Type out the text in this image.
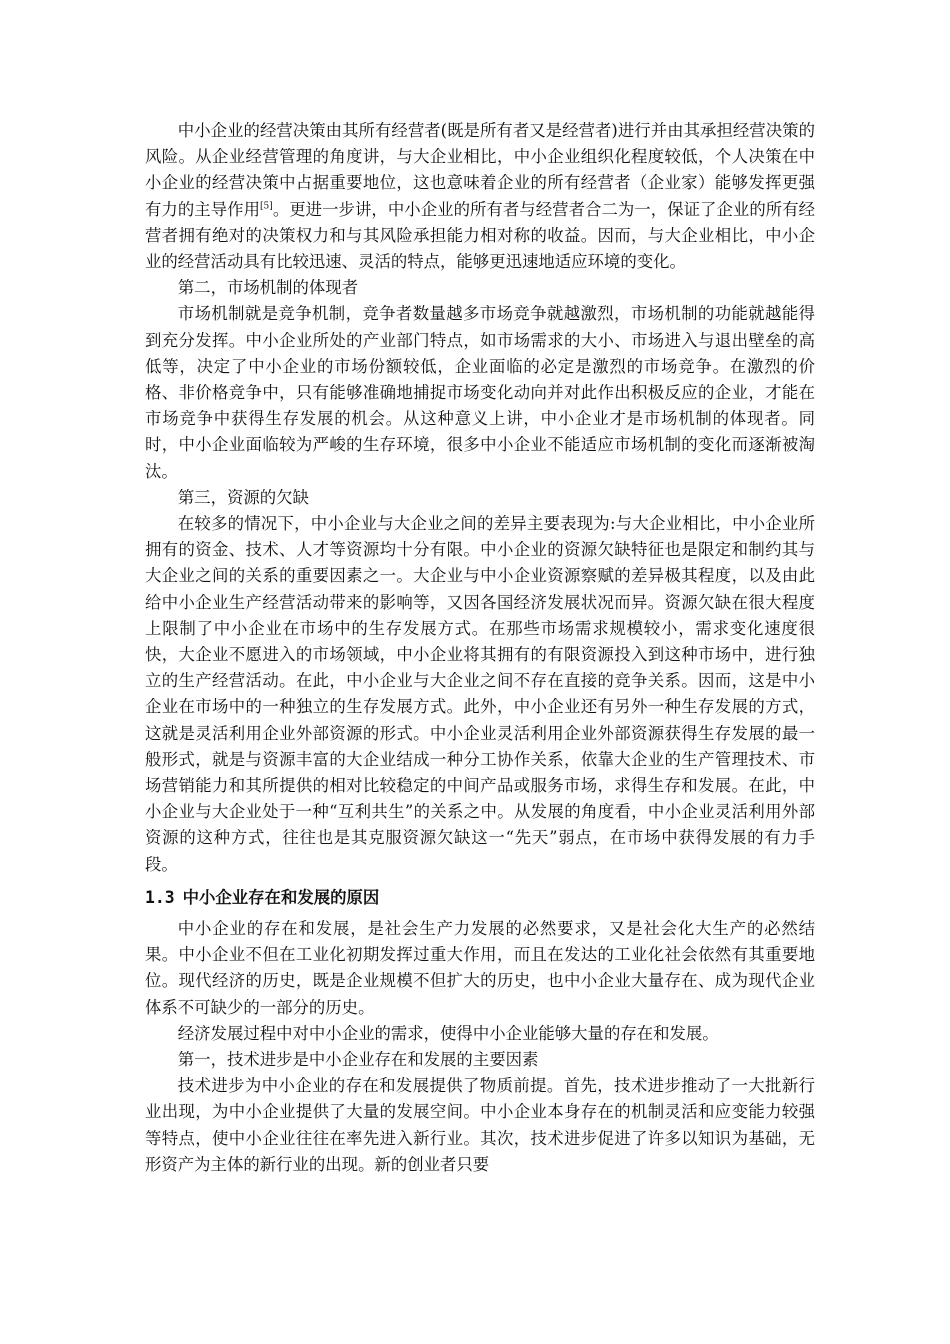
中小企业的经营决策由其所有经营者(既是所有者又是经营者)进行并由其承担经营决策的风险。从企业经营管理的角度讲，与大企业相比，中小企业组织化程度较低，个人决策在中小企业的经营决策中占据重要地位，这也意味着企业的所有经营者（企业家）能够发挥更强有力的主导作用[5]。更进一步讲，中小企业的所有者与经营者合二为一，保证了企业的所有经营者拥有绝对的决策权力和与其风险承担能力相对称的收益。因而，与大企业相比，中小企业的经营活动具有比较迅速、灵活的特点，能够更迅速地适应环境的变化。

第二，市场机制的体现者

市场机制就是竞争机制，竞争者数量越多市场竞争就越激烈，市场机制的功能就越能得到充分发挥。中小企业所处的产业部门特点，如市场需求的大小、市场进入与退出壁垒的高低等，决定了中小企业的市场份额较低，企业面临的必定是激烈的市场竞争。在激烈的价格、非价格竞争中，只有能够准确地捕捉市场变化动向并对此作出积极反应的企业，才能在市场竞争中获得生存发展的机会。从这种意义上讲，中小企业才是市场机制的体现者。同时，中小企业面临较为严峻的生存环境，很多中小企业不能适应市场机制的变化而逐渐被淘汰。

第三，资源的欠缺

在较多的情况下，中小企业与大企业之间的差异主要表现为:与大企业相比，中小企业所拥有的资金、技术、人才等资源均十分有限。中小企业的资源欠缺特征也是限定和制约其与大企业之间的关系的重要因素之一。大企业与中小企业资源察赋的差异极其程度，以及由此给中小企业生产经营活动带来的影响等，又因各国经济发展状况而异。资源欠缺在很大程度上限制了中小企业在市场中的生存发展方式。在那些市场需求规模较小，需求变化速度很快，大企业不愿进入的市场领域，中小企业将其拥有的有限资源投入到这种市场中，进行独立的生产经营活动。在此，中小企业与大企业之间不存在直接的竞争关系。因而，这是中小企业在市场中的一种独立的生存发展方式。此外，中小企业还有另外一种生存发展的方式，这就是灵活利用企业外部资源的形式。中小企业灵活利用企业外部资源获得生存发展的最一般形式，就是与资源丰富的大企业结成一种分工协作关系，依靠大企业的生产管理技术、市场营销能力和其所提供的相对比较稳定的中间产品或服务市场，求得生存和发展。在此，中小企业与大企业处于一种“互利共生”的关系之中。从发展的角度看，中小企业灵活利用外部资源的这种方式，往往也是其克服资源欠缺这一“先天”弱点，在市场中获得发展的有力手段。

1.3 中小企业存在和发展的原因

中小企业的存在和发展，是社会生产力发展的必然要求，又是社会化大生产的必然结果。中小企业不但在工业化初期发挥过重大作用，而且在发达的工业化社会依然有其重要地位。现代经济的历史，既是企业规模不但扩大的历史，也中小企业大量存在、成为现代企业体系不可缺少的一部分的历史。

经济发展过程中对中小企业的需求，使得中小企业能够大量的存在和发展。

第一，技术进步是中小企业存在和发展的主要因素

技术进步为中小企业的存在和发展提供了物质前提。首先，技术进步推动了一大批新行业出现，为中小企业提供了大量的发展空间。中小企业本身存在的机制灵活和应变能力较强等特点，使中小企业往往在率先进入新行业。其次，技术进步促进了许多以知识为基础，无形资产为主体的新行业的出现。新的创业者只要
